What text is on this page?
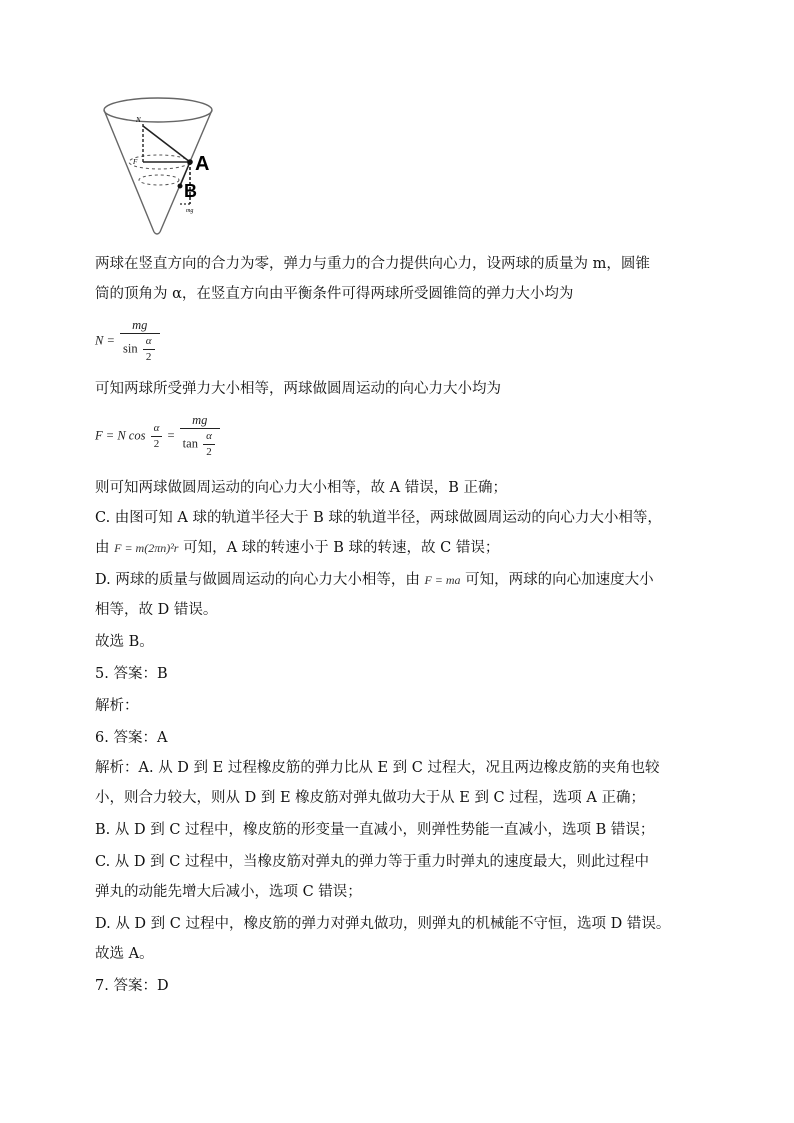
N
F	A
B
mg
两球在竖直方向的合力为零，弹力与重力的合力提供向心力，设两球的质量为 m，圆锥
筒的顶角为 α，在竖直方向由平衡条件可得两球所受圆锥筒的弹力大小均为
$N = \frac{mg}{\sin \frac{\alpha}{2}}$
可知两球所受弹力大小相等，两球做圆周运动的向心力大小均为
F = N $\cos \frac{\alpha}{2} = \frac{mg}{\tan \frac{\alpha}{2}}$
则可知两球做圆周运动的向心力大小相等，故 A 错误，B 正确；
C. 由图可知 A 球的轨道半径大于 B 球的轨道半径，两球做圆周运动的向心力大小相等，
由 F = m(2πn)²r 可知，A 球的转速小于 B 球的转速，故 C 错误；
D. 两球的质量与做圆周运动的向心力大小相等，由 F = ma 可知，两球的向心加速度大小
相等，故 D 错误。
故选 B。
5. 答案：B
解析：
6. 答案：A
解析：A. 从 D 到 E 过程橡皮筋的弹力比从 E 到 C 过程大，况且两边橡皮筋的夹角也较
小，则合力较大，则从 D 到 E 橡皮筋对弹丸做功大于从 E 到 C 过程，选项 A 正确；
B. 从 D 到 C 过程中，橡皮筋的形变量一直减小，则弹性势能一直减小，选项 B 错误；
C. 从 D 到 C 过程中，当橡皮筋对弹丸的弹力等于重力时弹丸的速度最大，则此过程中
弹丸的动能先增大后减小，选项 C 错误；
D. 从 D 到 C 过程中，橡皮筋的弹力对弹丸做功，则弹丸的机械能不守恒，选项 D 错误。
故选 A。
7. 答案：D
